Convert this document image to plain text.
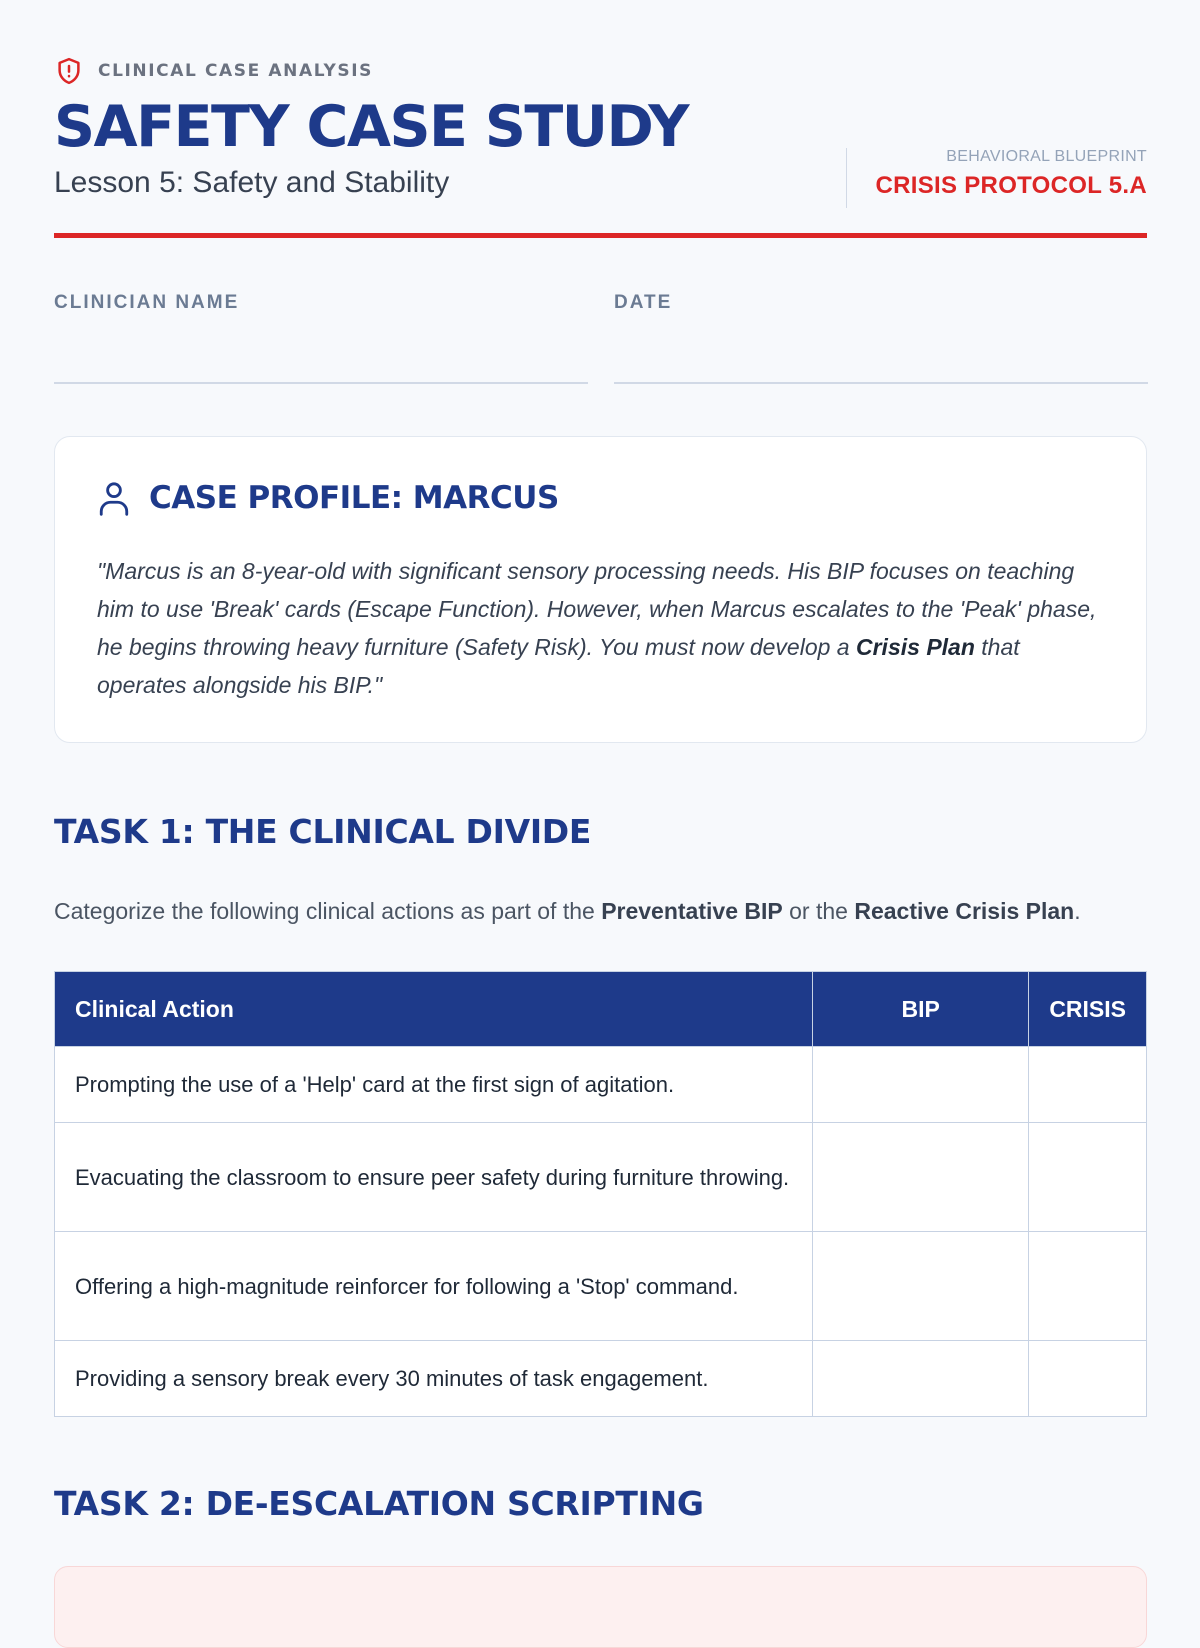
CLINICAL CASE ANALYSIS
SAFETY CASE STUDY
Lesson 5: Safety and Stability
BEHAVIORAL BLUEPRINT
CRISIS PROTOCOL 5.A
CLINICIAN NAME	DATE
CASE PROFILE: MARCUS

"Marcus is an 8-year-old with significant sensory processing needs. His BIP focuses on teaching him to use 'Break' cards (Escape Function). However, when Marcus escalates to the 'Peak' phase, he begins throwing heavy furniture (Safety Risk). You must now develop a Crisis Plan that operates alongside his BIP."

TASK 1: THE CLINICAL DIVIDE

Categorize the following clinical actions as part of the Preventative BIP or the Reactive Crisis Plan.

Clinical Action	BIP	CRISIS
Prompting the use of a 'Help' card at the first sign of agitation.		
Evacuating the classroom to ensure peer safety during furniture throwing.		
Offering a high-magnitude reinforcer for following a 'Stop' command.		
Providing a sensory break every 30 minutes of task engagement.		
TASK 2: DE-ESCALATION SCRIPTING
